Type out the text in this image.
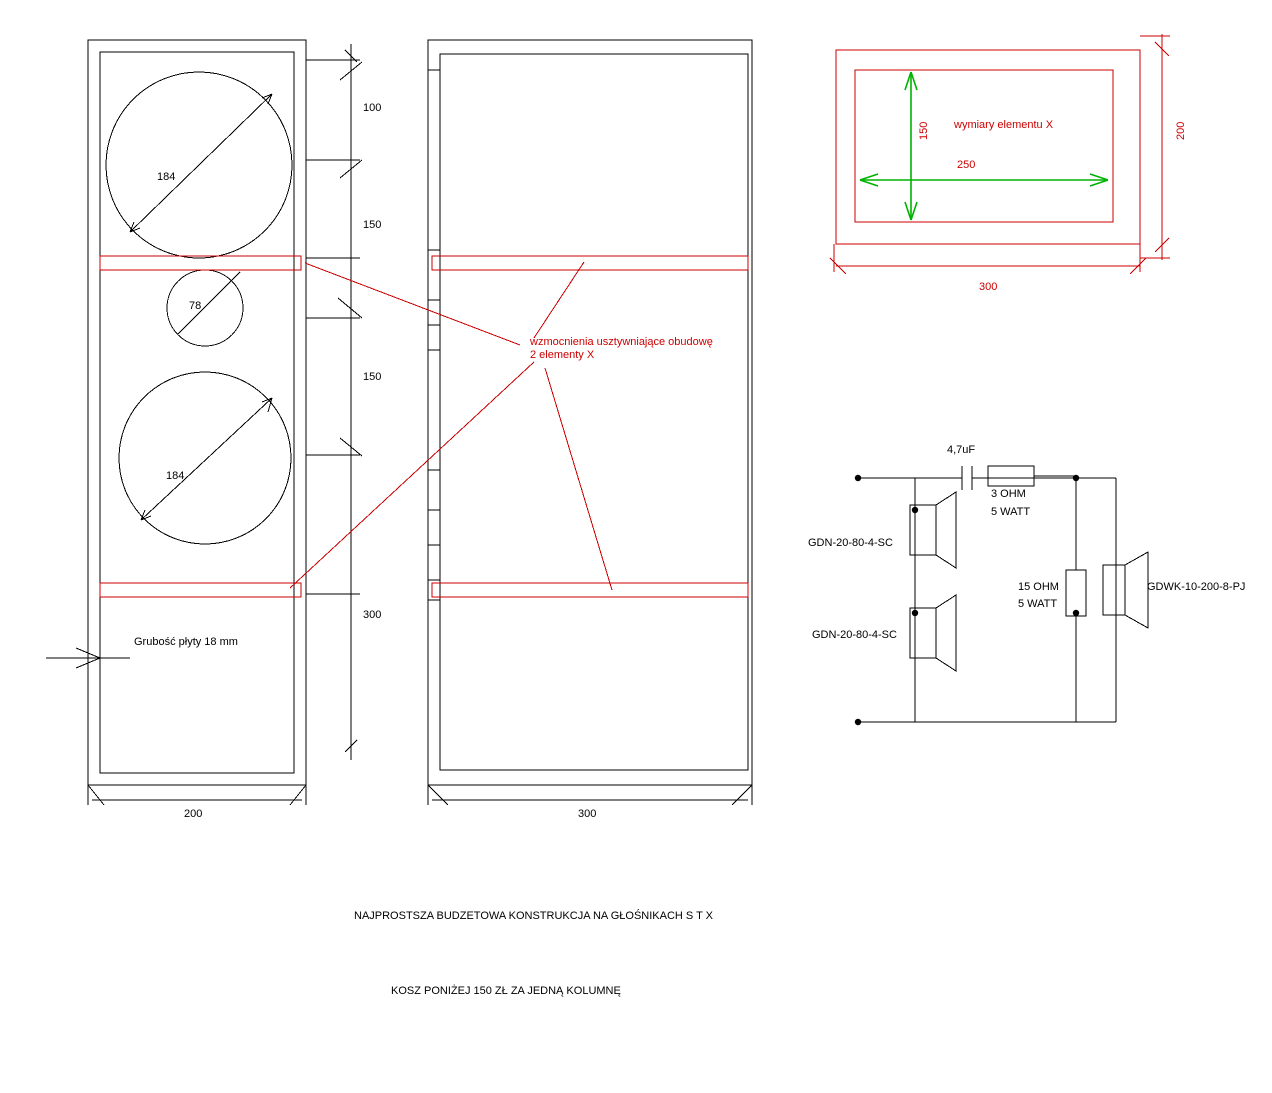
100
150
150
300
184
78
184
Grubość płyty 18 mm
200	300
wzmocnienia usztywniające obudowę
2 elementy X
wymiary elementu X
150
250
200
300
4,7uF
3 OHM
5 WATT
15 OHM
5 WATT
GDN-20-80-4-SC
GDN-20-80-4-SC
GDWK-10-200-8-PJ
NAJPROSTSZA BUDZETOWA KONSTRUKCJA NA GŁOŚNIKACH S T X
KOSZ PONIŻEJ 150 ZŁ ZA JEDNĄ KOLUMNĘ
